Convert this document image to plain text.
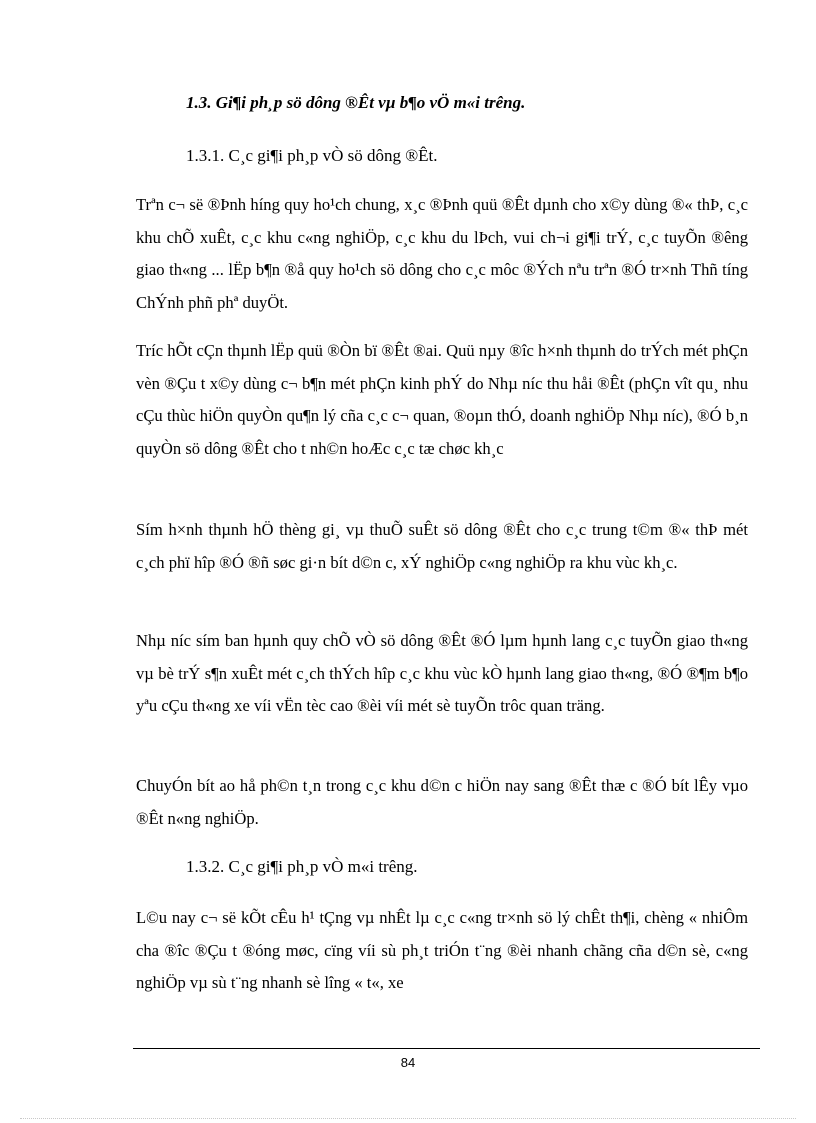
1.3. Gi¶i ph¸p sö dông ®Êt vµ b¶o vÖ m«i trêng.
1.3.1. C¸c gi¶i ph¸p vÒ sö dông ®Êt.

Trªn c¬ së ®Þnh híng quy ho¹ch chung, x¸c ®Þnh quü ®Êt dµnh cho x©y dùng ®« thÞ, c¸c khu chÕ xuÊt, c¸c khu c«ng nghiÖp, c¸c khu du lÞch, vui ch¬i gi¶i trÝ, c¸c tuyÕn ®êng giao th«ng ... lËp b¶n ®å quy ho¹ch sö dông cho c¸c môc ®Ých nªu trªn ®Ó tr×nh Thñ tíng ChÝnh phñ phª duyÖt.

Tríc hÕt cÇn thµnh lËp quü ®Òn bï ®Êt ®ai. Quü nµy ®îc h×nh thµnh do trÝch mét phÇn vèn ®Çu t x©y dùng c¬ b¶n mét phÇn kinh phÝ do Nhµ níc thu håi ®Êt (phÇn vît qu¸ nhu cÇu thùc hiÖn quyÒn qu¶n lý cña c¸c c¬ quan, ®oµn thÓ, doanh nghiÖp Nhµ níc), ®Ó b¸n quyÒn sö dông ®Êt cho t nh©n hoÆc c¸c tæ chøc kh¸c

Sím h×nh thµnh hÖ thèng gi¸ vµ thuÕ suÊt sö dông ®Êt cho c¸c trung t©m ®« thÞ mét c¸ch phï hîp ®Ó ®ñ søc gi·n bít d©n c, xÝ nghiÖp c«ng nghiÖp ra khu vùc kh¸c.

Nhµ níc sím ban hµnh quy chÕ vÒ sö dông ®Êt ®Ó lµm hµnh lang c¸c tuyÕn giao th«ng vµ bè trÝ s¶n xuÊt mét c¸ch thÝch hîp c¸c khu vùc kÒ hµnh lang giao th«ng, ®Ó ®¶m b¶o yªu cÇu th«ng xe víi vËn tèc cao ®èi víi mét sè tuyÕn trôc quan träng.

ChuyÓn bít ao hå ph©n t¸n trong c¸c khu d©n c hiÖn nay sang ®Êt thæ c ®Ó bít lÊy vµo ®Êt n«ng nghiÖp.

1.3.2. C¸c gi¶i ph¸p vÒ m«i trêng.

L©u nay c¬ së kÕt cÊu h¹ tÇng vµ nhÊt lµ c¸c c«ng tr×nh sö lý chÊt th¶i, chèng « nhiÔm cha ®îc ®Çu t ®óng møc, cïng víi sù ph¸t triÓn t¨ng ®èi nhanh chãng cña d©n sè, c«ng nghiÖp vµ sù t¨ng nhanh sè lîng « t«, xe

84
